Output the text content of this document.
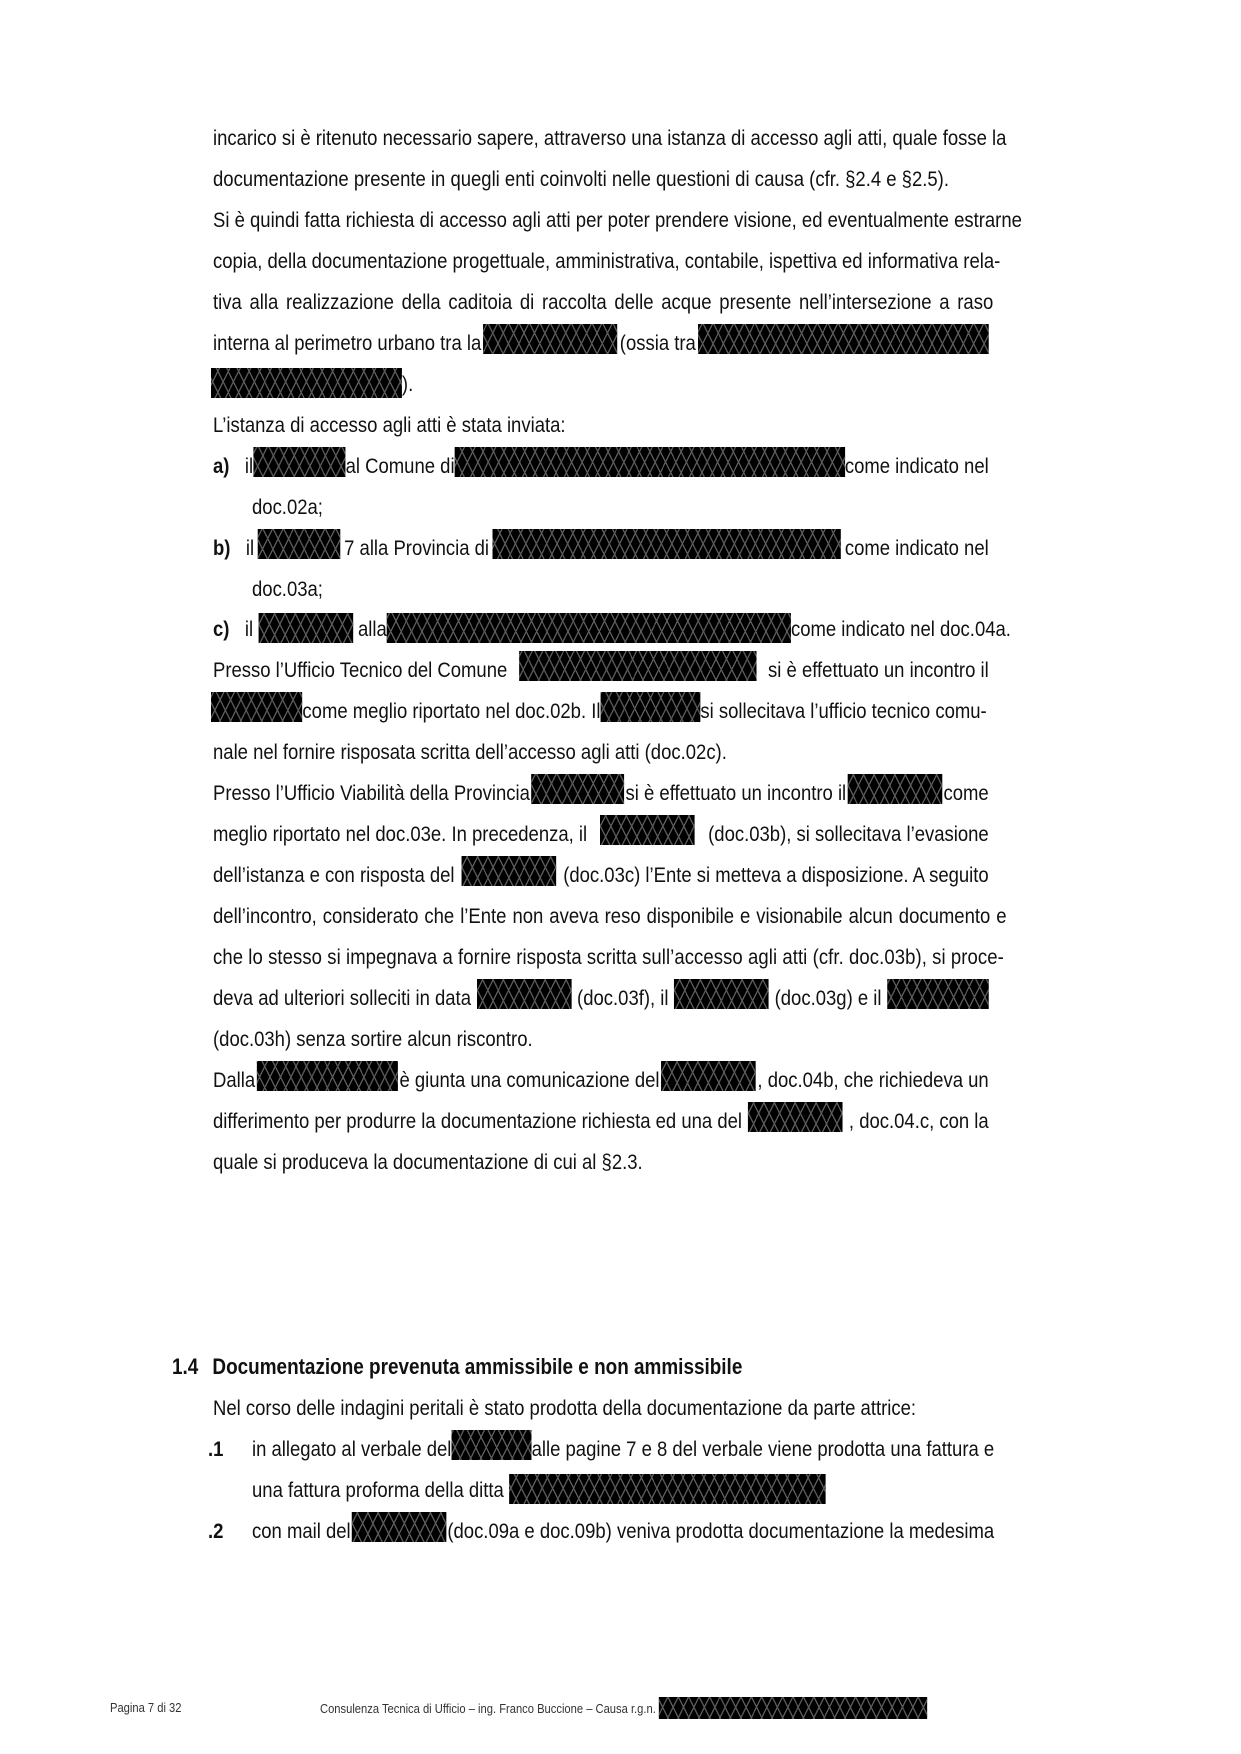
incarico si è ritenuto necessario sapere, attraverso una istanza di accesso agli atti, quale fosse la
documentazione presente in quegli enti coinvolti nelle questioni di causa (cfr. §2.4 e §2.5).
Si è quindi fatta richiesta di accesso agli atti per poter prendere visione, ed eventualmente estrarne
copia, della documentazione progettuale, amministrativa, contabile, ispettiva ed informativa rela-
tiva alla realizzazione della caditoia di raccolta delle acque presente nell’intersezione a raso
interna al perimetro urbano tra la	(ossia tra
).
L’istanza di accesso agli atti è stata inviata:
a) il	al Comune di	come indicato nel
doc.02a;
b) il	7 alla Provincia di	come indicato nel
doc.03a;
c) il	alla	come indicato nel doc.04a.
Presso l’Ufficio Tecnico del Comune	si è effettuato un incontro il
come meglio riportato nel doc.02b. Il	si sollecitava l’ufficio tecnico comu-
nale nel fornire risposata scritta dell’accesso agli atti (doc.02c).
Presso l’Ufficio Viabilità della Provincia	si è effettuato un incontro il	come
meglio riportato nel doc.03e. In precedenza, il	(doc.03b), si sollecitava l’evasione
dell’istanza e con risposta del	(doc.03c) l’Ente si metteva a disposizione. A seguito
dell’incontro, considerato che l’Ente non aveva reso disponibile e visionabile alcun documento e
che lo stesso si impegnava a fornire risposta scritta sull’accesso agli atti (cfr. doc.03b), si proce-
deva ad ulteriori solleciti in data	(doc.03f), il	(doc.03g) e il
(doc.03h) senza sortire alcun riscontro.
Dalla	è giunta una comunicazione del	, doc.04b, che richiedeva un
differimento per produrre la documentazione richiesta ed una del	, doc.04.c, con la
quale si produceva la documentazione di cui al §2.3.
1.4 Documentazione prevenuta ammissibile e non ammissibile
Nel corso delle indagini peritali è stato prodotta della documentazione da parte attrice:
.1 in allegato al verbale del	alle pagine 7 e 8 del verbale viene prodotta una fattura e
una fattura proforma della ditta
.2 con mail del	(doc.09a e doc.09b) veniva prodotta documentazione la medesima
Pagina 7 di 32	Consulenza Tecnica di Ufficio – ing. Franco Buccione – Causa r.g.n.
